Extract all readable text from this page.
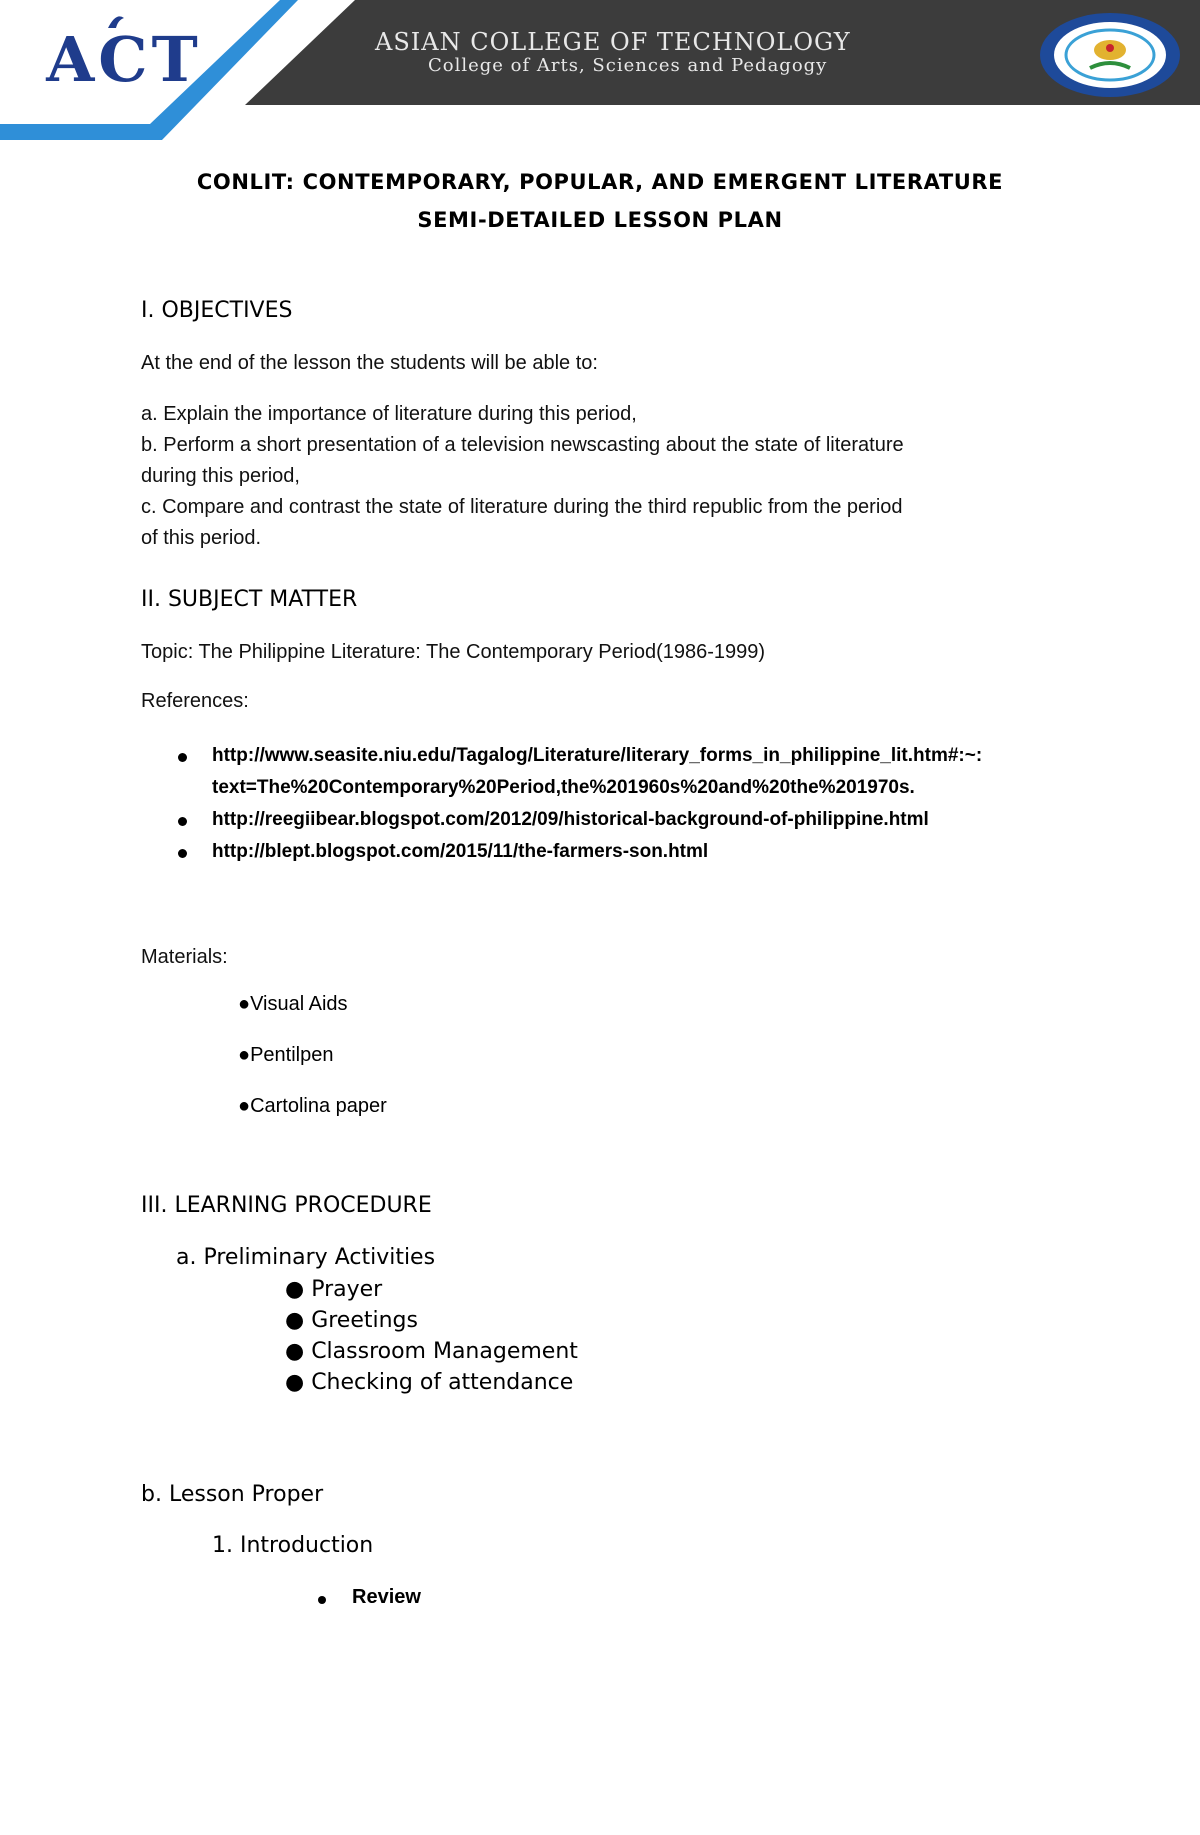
ACT	ASIAN COLLEGE OF TECHNOLOGY
College of Arts, Sciences and Pedagogy
CONLIT: CONTEMPORARY, POPULAR, AND EMERGENT LITERATURE
SEMI-DETAILED LESSON PLAN
I. OBJECTIVES
At the end of the lesson the students will be able to:
a. Explain the importance of literature during this period,
b. Perform a short presentation of a television newscasting about the state of literature
during this period,
c. Compare and contrast the state of literature during the third republic from the period
of this period.
II. SUBJECT MATTER
Topic: The Philippine Literature: The Contemporary Period(1986-1999)
References:
http://www.seasite.niu.edu/Tagalog/Literature/literary_forms_in_philippine_lit.htm#:~:
text=The%20Contemporary%20Period,the%201960s%20and%20the%201970s.
http://reegiibear.blogspot.com/2012/09/historical-background-of-philippine.html
http://blept.blogspot.com/2015/11/the-farmers-son.html
Materials:
●Visual Aids
●Pentilpen
●Cartolina paper
III. LEARNING PROCEDURE
a. Preliminary Activities
● Prayer
● Greetings
● Classroom Management
● Checking of attendance
b. Lesson Proper
1. Introduction
Review
